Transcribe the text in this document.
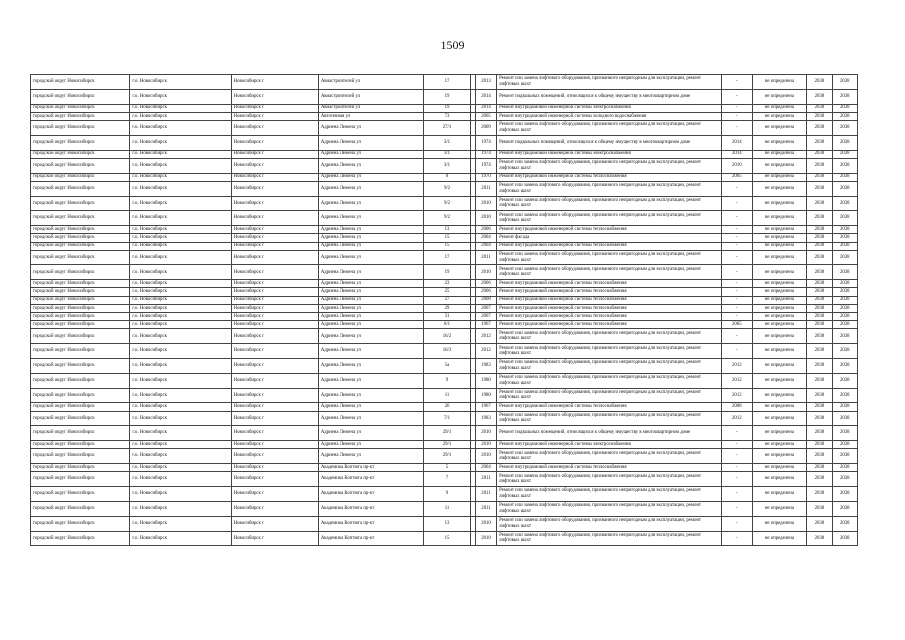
1509
городской округ Новосибирск	г.о. Новосибирск	Новосибирск г	Авиастроителей ул	17		2013	Ремонт или замена лифтового оборудования, признанного непригодным для эксплуатации, ремонт лифтовых шахт	-	не определена	2038	2038
городской округ Новосибирск	г.о. Новосибирск	Новосибирск г	Авиастроителей ул	19		2014	Ремонт подвальных помещений, относящихся к общему имуществу в многоквартирном доме	-	не определена	2038	2038
городской округ Новосибирск	г.о. Новосибирск	Новосибирск г	Авиастроителей ул	19		2014	Ремонт внутридомовой инженерной системы электроснабжения	-	не определена	2038	2038
городской округ Новосибирск	г.о. Новосибирск	Новосибирск г	Автогенная ул	73		2005	Ремонт внутридомовой инженерной системы холодного водоснабжения	-	не определена	2038	2038
городской округ Новосибирск	г.о. Новосибирск	Новосибирск г	Адриена Лежена ул	27/1		2009	Ремонт или замена лифтового оборудования, признанного непригодным для эксплуатации, ремонт лифтовых шахт	-	не определена	2038	2038
городской округ Новосибирск	г.о. Новосибирск	Новосибирск г	Адриена Лежена ул	3/1		1974	Ремонт подвальных помещений, относящихся к общему имуществу в многоквартирном доме	2014	не определена	2038	2038
городской округ Новосибирск	г.о. Новосибирск	Новосибирск г	Адриена Лежена ул	3/1		1974	Ремонт внутридомовой инженерной системы электроснабжения	2014	не определена	2038	2038
городской округ Новосибирск	г.о. Новосибирск	Новосибирск г	Адриена Лежена ул	3/1		1974	Ремонт или замена лифтового оборудования, признанного непригодным для эксплуатации, ремонт лифтовых шахт	2010	не определена	2038	2038
городской округ Новосибирск	г.о. Новосибирск	Новосибирск г	Адриена Лежена ул	8		1970	Ремонт внутридомовой инженерной системы теплоснабжения	2005	не определена	2038	2038
городской округ Новосибирск	г.о. Новосибирск	Новосибирск г	Адриена Лежена ул	9/2		2011	Ремонт или замена лифтового оборудования, признанного непригодным для эксплуатации, ремонт лифтовых шахт	-	не определена	2038	2038
городской округ Новосибирск	г.о. Новосибирск	Новосибирск г	Адриена Лежена ул	9/2		2010	Ремонт или замена лифтового оборудования, признанного непригодным для эксплуатации, ремонт лифтовых шахт	-	не определена	2038	2038
городской округ Новосибирск	г.о. Новосибирск	Новосибирск г	Адриена Лежена ул	9/2		2010	Ремонт или замена лифтового оборудования, признанного непригодным для эксплуатации, ремонт лифтовых шахт	-	не определена	2038	2038
городской округ Новосибирск	г.о. Новосибирск	Новосибирск г	Адриена Лежена ул	13		2006	Ремонт внутридомовой инженерной системы теплоснабжения	-	не определена	2038	2038
городской округ Новосибирск	г.о. Новосибирск	Новосибирск г	Адриена Лежена ул	15		2004	Ремонт фасада	-	не определена	2038	2038
городской округ Новосибирск	г.о. Новосибирск	Новосибирск г	Адриена Лежена ул	15		2004	Ремонт внутридомовой инженерной системы теплоснабжения	-	не определена	2038	2038
городской округ Новосибирск	г.о. Новосибирск	Новосибирск г	Адриена Лежена ул	17		2011	Ремонт или замена лифтового оборудования, признанного непригодным для эксплуатации, ремонт лифтовых шахт	-	не определена	2038	2038
городской округ Новосибирск	г.о. Новосибирск	Новосибирск г	Адриена Лежена ул	19		2010	Ремонт или замена лифтового оборудования, признанного непригодным для эксплуатации, ремонт лифтовых шахт	-	не определена	2038	2038
городской округ Новосибирск	г.о. Новосибирск	Новосибирск г	Адриена Лежена ул	23		2006	Ремонт внутридомовой инженерной системы теплоснабжения	-	не определена	2038	2038
городской округ Новосибирск	г.о. Новосибирск	Новосибирск г	Адриена Лежена ул	25		2006	Ремонт внутридомовой инженерной системы теплоснабжения	-	не определена	2038	2038
городской округ Новосибирск	г.о. Новосибирск	Новосибирск г	Адриена Лежена ул	27		2008	Ремонт внутридомовой инженерной системы теплоснабжения	-	не определена	2038	2038
городской округ Новосибирск	г.о. Новосибирск	Новосибирск г	Адриена Лежена ул	29		2007	Ремонт внутридомовой инженерной системы теплоснабжения	-	не определена	2038	2038
городской округ Новосибирск	г.о. Новосибирск	Новосибирск г	Адриена Лежена ул	31		2007	Ремонт внутридомовой инженерной системы теплоснабжения	-	не определена	2038	2038
городской округ Новосибирск	г.о. Новосибирск	Новосибирск г	Адриена Лежена ул	8/1		1967	Ремонт внутридомовой инженерной системы теплоснабжения	2005	не определена	2038	2038
городской округ Новосибирск	г.о. Новосибирск	Новосибирск г	Адриена Лежена ул	16/2		2012	Ремонт или замена лифтового оборудования, признанного непригодным для эксплуатации, ремонт лифтовых шахт	-	не определена	2038	2038
городской округ Новосибирск	г.о. Новосибирск	Новосибирск г	Адриена Лежена ул	16/3		2012	Ремонт или замена лифтового оборудования, признанного непригодным для эксплуатации, ремонт лифтовых шахт	-	не определена	2038	2038
городской округ Новосибирск	г.о. Новосибирск	Новосибирск г	Адриена Лежена ул	5а		1983	Ремонт или замена лифтового оборудования, признанного непригодным для эксплуатации, ремонт лифтовых шахт	2012	не определена	2038	2038
городской округ Новосибирск	г.о. Новосибирск	Новосибирск г	Адриена Лежена ул	9		1980	Ремонт или замена лифтового оборудования, признанного непригодным для эксплуатации, ремонт лифтовых шахт	2012	не определена	2038	2038
городской округ Новосибирск	г.о. Новосибирск	Новосибирск г	Адриена Лежена ул	11		1980	Ремонт или замена лифтового оборудования, признанного непригодным для эксплуатации, ремонт лифтовых шахт	2012	не определена	2038	2038
городской округ Новосибирск	г.о. Новосибирск	Новосибирск г	Адриена Лежена ул	26		1967	Ремонт внутридомовой инженерной системы теплоснабжения	2008	не определена	2038	2038
городской округ Новосибирск	г.о. Новосибирск	Новосибирск г	Адриена Лежена ул	7/1		1983	Ремонт или замена лифтового оборудования, признанного непригодным для эксплуатации, ремонт лифтовых шахт	2012	не определена	2038	2038
городской округ Новосибирск	г.о. Новосибирск	Новосибирск г	Адриена Лежена ул	29/1		2010	Ремонт подвальных помещений, относящихся к общему имуществу в многоквартирном доме	-	не определена	2038	2038
городской округ Новосибирск	г.о. Новосибирск	Новосибирск г	Адриена Лежена ул	29/1		2010	Ремонт внутридомовой инженерной системы электроснабжения	-	не определена	2038	2038
городской округ Новосибирск	г.о. Новосибирск	Новосибирск г	Адриена Лежена ул	29/1		2010	Ремонт или замена лифтового оборудования, признанного непригодным для эксплуатации, ремонт лифтовых шахт	-	не определена	2038	2038
городской округ Новосибирск	г.о. Новосибирск	Новосибирск г	Академика Коптюга пр-кт	5		2004	Ремонт внутридомовой инженерной системы теплоснабжения	-	не определена	2038	2038
городской округ Новосибирск	г.о. Новосибирск	Новосибирск г	Академика Коптюга пр-кт	7		2011	Ремонт или замена лифтового оборудования, признанного непригодным для эксплуатации, ремонт лифтовых шахт	-	не определена	2038	2038
городской округ Новосибирск	г.о. Новосибирск	Новосибирск г	Академика Коптюга пр-кт	9		2011	Ремонт или замена лифтового оборудования, признанного непригодным для эксплуатации, ремонт лифтовых шахт	-	не определена	2038	2038
городской округ Новосибирск	г.о. Новосибирск	Новосибирск г	Академика Коптюга пр-кт	11		2011	Ремонт или замена лифтового оборудования, признанного непригодным для эксплуатации, ремонт лифтовых шахт	-	не определена	2038	2038
городской округ Новосибирск	г.о. Новосибирск	Новосибирск г	Академика Коптюга пр-кт	13		2010	Ремонт или замена лифтового оборудования, признанного непригодным для эксплуатации, ремонт лифтовых шахт	-	не определена	2038	2038
городской округ Новосибирск	г.о. Новосибирск	Новосибирск г	Академика Коптюга пр-кт	15		2010	Ремонт или замена лифтового оборудования, признанного непригодным для эксплуатации, ремонт лифтовых шахт	-	не определена	2038	2038
